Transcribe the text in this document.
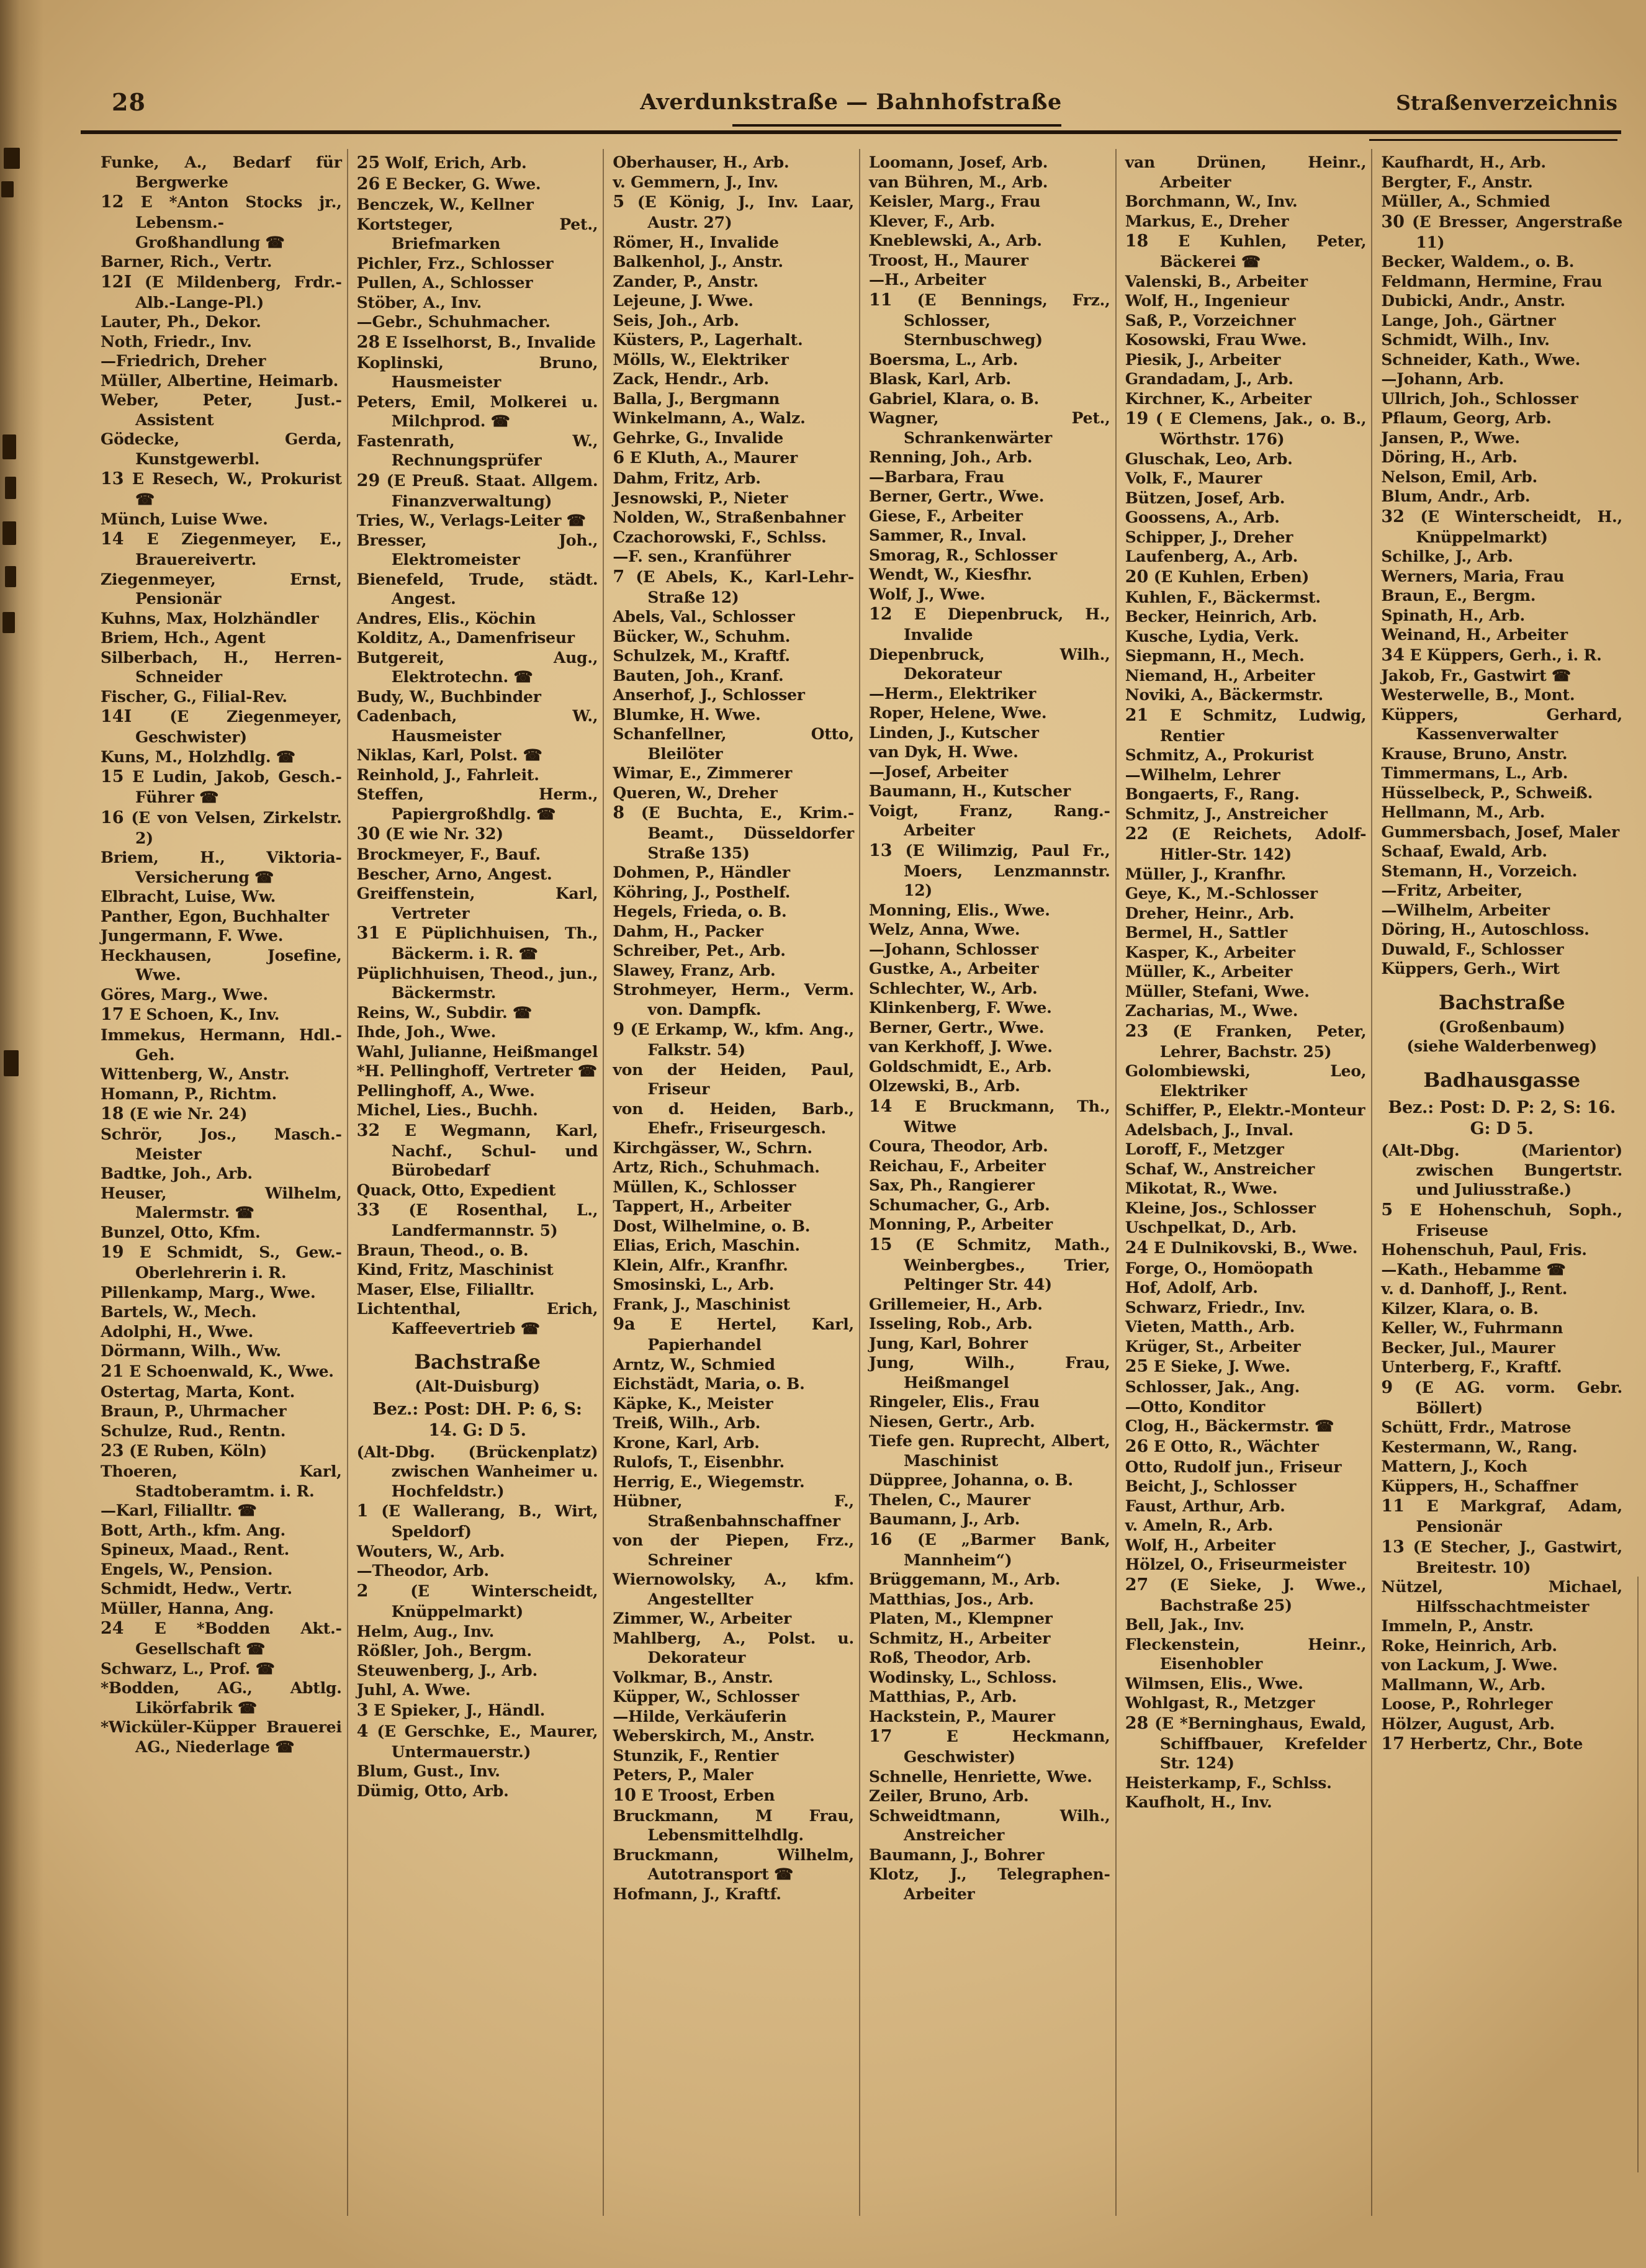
28	Averdunkstraße — Bahnhofstraße	Straßenverzeichnis
Funke, A., Bedarf für Bergwerke
12 E *Anton Stocks jr., Lebensm.-Großhandlung ☎
Barner, Rich., Vertr.
12I (E Mildenberg, Frdr.-Alb.-Lange-Pl.)
Lauter, Ph., Dekor.
Noth, Friedr., Inv.
—Friedrich, Dreher
Müller, Albertine, Heimarb.
Weber, Peter, Just.-Assistent
Gödecke, Gerda, Kunstgewerbl.
13 E Resech, W., Prokurist ☎
Münch, Luise Wwe.
14 E Ziegenmeyer, E., Brauereivertr.
Ziegenmeyer, Ernst, Pensionär
Kuhns, Max, Holzhändler
Briem, Hch., Agent
Silberbach, H., Herren-Schneider
Fischer, G., Filial-Rev.
14I (E Ziegenmeyer, Geschwister)
Kuns, M., Holzhdlg. ☎
15 E Ludin, Jakob, Gesch.-Führer ☎
16 (E von Velsen, Zirkelstr. 2)
Briem, H., Viktoria-Versicherung ☎
Elbracht, Luise, Ww.
Panther, Egon, Buchhalter
Jungermann, F. Wwe.
Heckhausen, Josefine, Wwe.
Göres, Marg., Wwe.
17 E Schoen, K., Inv.
Immekus, Hermann, Hdl.-Geh.
Wittenberg, W., Anstr.
Homann, P., Richtm.
18 (E wie Nr. 24)
Schrör, Jos., Masch.-Meister
Badtke, Joh., Arb.
Heuser, Wilhelm, Malermstr. ☎
Bunzel, Otto, Kfm.
19 E Schmidt, S., Gew.-Oberlehrerin i. R.
Pillenkamp, Marg., Wwe.
Bartels, W., Mech.
Adolphi, H., Wwe.
Dörmann, Wilh., Ww.
21 E Schoenwald, K., Wwe.
Ostertag, Marta, Kont.
Braun, P., Uhrmacher
Schulze, Rud., Rentn.
23 (E Ruben, Köln)
Thoeren, Karl, Stadtoberamtm. i. R.
—Karl, Filialltr. ☎
Bott, Arth., kfm. Ang.
Spineux, Maad., Rent.
Engels, W., Pension.
Schmidt, Hedw., Vertr.
Müller, Hanna, Ang.
24 E *Bodden Akt.-Gesellschaft ☎
Schwarz, L., Prof. ☎
*Bodden, AG., Abtlg. Likörfabrik ☎
*Wicküler-Küpper Brauerei AG., Niederlage ☎
25 Wolf, Erich, Arb.
26 E Becker, G. Wwe.
Benczek, W., Kellner
Kortsteger, Pet., Briefmarken
Pichler, Frz., Schlosser
Pullen, A., Schlosser
Stöber, A., Inv.
—Gebr., Schuhmacher.
28 E Isselhorst, B., Invalide
Koplinski, Bruno, Hausmeister
Peters, Emil, Molkerei u. Milchprod. ☎
Fastenrath, W., Rechnungsprüfer
29 (E Preuß. Staat. Allgem. Finanzverwaltung)
Tries, W., Verlags-Leiter ☎
Bresser, Joh., Elektromeister
Bienefeld, Trude, städt. Angest.
Andres, Elis., Köchin
Kolditz, A., Damenfriseur
Butgereit, Aug., Elektrotechn. ☎
Budy, W., Buchbinder
Cadenbach, W., Hausmeister
Niklas, Karl, Polst. ☎
Reinhold, J., Fahrleit.
Steffen, Herm., Papiergroßhdlg. ☎
30 (E wie Nr. 32)
Brockmeyer, F., Bauf.
Bescher, Arno, Angest.
Greiffenstein, Karl, Vertreter
31 E Püplichhuisen, Th., Bäckerm. i. R. ☎
Püplichhuisen, Theod., jun., Bäckermstr.
Reins, W., Subdir. ☎
Ihde, Joh., Wwe.
Wahl, Julianne, Heißmangel
*H. Pellinghoff, Vertreter ☎
Pellinghoff, A., Wwe.
Michel, Lies., Buchh.
32 E Wegmann, Karl, Nachf., Schul- und Bürobedarf
Quack, Otto, Expedient
33 (E Rosenthal, L., Landfermannstr. 5)
Braun, Theod., o. B.
Kind, Fritz, Maschinist
Maser, Else, Filialltr.
Lichtenthal, Erich, Kaffeevertrieb ☎
Bachstraße
(Alt-Duisburg)
Bez.: Post: DH. P: 6, S: 14. G: D 5.
(Alt-Dbg. (Brückenplatz) zwischen Wanheimer u. Hochfeldstr.)
1 (E Wallerang, B., Wirt, Speldorf)
Wouters, W., Arb.
—Theodor, Arb.
2 (E Winterscheidt, Knüppelmarkt)
Helm, Aug., Inv.
Rößler, Joh., Bergm.
Steuwenberg, J., Arb.
Juhl, A. Wwe.
3 E Spieker, J., Händl.
4 (E Gerschke, E., Maurer, Untermauerstr.)
Blum, Gust., Inv.
Dümig, Otto, Arb.
Oberhauser, H., Arb.
v. Gemmern, J., Inv.
5 (E König, J., Inv. Laar, Austr. 27)
Römer, H., Invalide
Balkenhol, J., Anstr.
Zander, P., Anstr.
Lejeune, J. Wwe.
Seis, Joh., Arb.
Küsters, P., Lagerhalt.
Mölls, W., Elektriker
Zack, Hendr., Arb.
Balla, J., Bergmann
Winkelmann, A., Walz.
Gehrke, G., Invalide
6 E Kluth, A., Maurer
Dahm, Fritz, Arb.
Jesnowski, P., Nieter
Nolden, W., Straßenbahner
Czachorowski, F., Schlss.
—F. sen., Kranführer
7 (E Abels, K., Karl-Lehr-Straße 12)
Abels, Val., Schlosser
Bücker, W., Schuhm.
Schulzek, M., Kraftf.
Bauten, Joh., Kranf.
Anserhof, J., Schlosser
Blumke, H. Wwe.
Schanfellner, Otto, Bleilöter
Wimar, E., Zimmerer
Queren, W., Dreher
8 (E Buchta, E., Krim.-Beamt., Düsseldorfer Straße 135)
Dohmen, P., Händler
Köhring, J., Posthelf.
Hegels, Frieda, o. B.
Dahm, H., Packer
Schreiber, Pet., Arb.
Slawey, Franz, Arb.
Strohmeyer, Herm., Verm. von. Dampfk.
9 (E Erkamp, W., kfm. Ang., Falkstr. 54)
von der Heiden, Paul, Friseur
von d. Heiden, Barb., Ehefr., Friseurgesch.
Kirchgässer, W., Schrn.
Artz, Rich., Schuhmach.
Müllen, K., Schlosser
Tappert, H., Arbeiter
Dost, Wilhelmine, o. B.
Elias, Erich, Maschin.
Klein, Alfr., Kranfhr.
Smosinski, L., Arb.
Frank, J., Maschinist
9a E Hertel, Karl, Papierhandel
Arntz, W., Schmied
Eichstädt, Maria, o. B.
Käpke, K., Meister
Treiß, Wilh., Arb.
Krone, Karl, Arb.
Rulofs, T., Eisenbhr.
Herrig, E., Wiegemstr.
Hübner, F., Straßenbahnschaffner
von der Piepen, Frz., Schreiner
Wiernowolsky, A., kfm. Angestellter
Zimmer, W., Arbeiter
Mahlberg, A., Polst. u. Dekorateur
Volkmar, B., Anstr.
Küpper, W., Schlosser
—Hilde, Verkäuferin
Weberskirch, M., Anstr.
Stunzik, F., Rentier
Peters, P., Maler
10 E Troost, Erben
Bruckmann, M Frau, Lebensmittelhdlg.
Bruckmann, Wilhelm, Autotransport ☎
Hofmann, J., Kraftf.
Loomann, Josef, Arb.
van Bühren, M., Arb.
Keisler, Marg., Frau
Klever, F., Arb.
Kneblewski, A., Arb.
Troost, H., Maurer
—H., Arbeiter
11 (E Bennings, Frz., Schlosser, Sternbuschweg)
Boersma, L., Arb.
Blask, Karl, Arb.
Gabriel, Klara, o. B.
Wagner, Pet., Schrankenwärter
Renning, Joh., Arb.
—Barbara, Frau
Berner, Gertr., Wwe.
Giese, F., Arbeiter
Sammer, R., Inval.
Smorag, R., Schlosser
Wendt, W., Kiesfhr.
Wolf, J., Wwe.
12 E Diepenbruck, H., Invalide
Diepenbruck, Wilh., Dekorateur
—Herm., Elektriker
Roper, Helene, Wwe.
Linden, J., Kutscher
van Dyk, H. Wwe.
—Josef, Arbeiter
Baumann, H., Kutscher
Voigt, Franz, Rang.-Arbeiter
13 (E Wilimzig, Paul Fr., Moers, Lenzmannstr. 12)
Monning, Elis., Wwe.
Welz, Anna, Wwe.
—Johann, Schlosser
Gustke, A., Arbeiter
Schlechter, W., Arb.
Klinkenberg, F. Wwe.
Berner, Gertr., Wwe.
van Kerkhoff, J. Wwe.
Goldschmidt, E., Arb.
Olzewski, B., Arb.
14 E Bruckmann, Th., Witwe
Coura, Theodor, Arb.
Reichau, F., Arbeiter
Sax, Ph., Rangierer
Schumacher, G., Arb.
Monning, P., Arbeiter
15 (E Schmitz, Math., Weinbergbes., Trier, Peltinger Str. 44)
Grillemeier, H., Arb.
Isseling, Rob., Arb.
Jung, Karl, Bohrer
Jung, Wilh., Frau, Heißmangel
Ringeler, Elis., Frau
Niesen, Gertr., Arb.
Tiefe gen. Ruprecht, Albert, Maschinist
Düppree, Johanna, o. B.
Thelen, C., Maurer
Baumann, J., Arb.
16 (E „Barmer Bank, Mannheim“)
Brüggemann, M., Arb.
Matthias, Jos., Arb.
Platen, M., Klempner
Schmitz, H., Arbeiter
Roß, Theodor, Arb.
Wodinsky, L., Schloss.
Matthias, P., Arb.
Hackstein, P., Maurer
17 E Heckmann, Geschwister)
Schnelle, Henriette, Wwe.
Zeiler, Bruno, Arb.
Schweidtmann, Wilh., Anstreicher
Baumann, J., Bohrer
Klotz, J., Telegraphen-Arbeiter
van Drünen, Heinr., Arbeiter
Borchmann, W., Inv.
Markus, E., Dreher
18 E Kuhlen, Peter, Bäckerei ☎
Valenski, B., Arbeiter
Wolf, H., Ingenieur
Saß, P., Vorzeichner
Kosowski, Frau Wwe.
Piesik, J., Arbeiter
Grandadam, J., Arb.
Kirchner, K., Arbeiter
19 ( E Clemens, Jak., o. B., Wörthstr. 176)
Gluschak, Leo, Arb.
Volk, F., Maurer
Bützen, Josef, Arb.
Goossens, A., Arb.
Schipper, J., Dreher
Laufenberg, A., Arb.
20 (E Kuhlen, Erben)
Kuhlen, F., Bäckermst.
Becker, Heinrich, Arb.
Kusche, Lydia, Verk.
Siepmann, H., Mech.
Niemand, H., Arbeiter
Noviki, A., Bäckermstr.
21 E Schmitz, Ludwig, Rentier
Schmitz, A., Prokurist
—Wilhelm, Lehrer
Bongaerts, F., Rang.
Schmitz, J., Anstreicher
22 (E Reichets, Adolf-Hitler-Str. 142)
Müller, J., Kranfhr.
Geye, K., M.-Schlosser
Dreher, Heinr., Arb.
Bermel, H., Sattler
Kasper, K., Arbeiter
Müller, K., Arbeiter
Müller, Stefani, Wwe.
Zacharias, M., Wwe.
23 (E Franken, Peter, Lehrer, Bachstr. 25)
Golombiewski, Leo, Elektriker
Schiffer, P., Elektr.-Monteur
Adelsbach, J., Inval.
Loroff, F., Metzger
Schaf, W., Anstreicher
Mikotat, R., Wwe.
Kleine, Jos., Schlosser
Uschpelkat, D., Arb.
24 E Dulnikovski, B., Wwe.
Forge, O., Homöopath
Hof, Adolf, Arb.
Schwarz, Friedr., Inv.
Vieten, Matth., Arb.
Krüger, St., Arbeiter
25 E Sieke, J. Wwe.
Schlosser, Jak., Ang.
—Otto, Konditor
Clog, H., Bäckermstr. ☎
26 E Otto, R., Wächter
Otto, Rudolf jun., Friseur
Beicht, J., Schlosser
Faust, Arthur, Arb.
v. Ameln, R., Arb.
Wolf, H., Arbeiter
Hölzel, O., Friseurmeister
27 (E Sieke, J. Wwe., Bachstraße 25)
Bell, Jak., Inv.
Fleckenstein, Heinr., Eisenhobler
Wilmsen, Elis., Wwe.
Wohlgast, R., Metzger
28 (E *Berninghaus, Ewald, Schiffbauer, Krefelder Str. 124)
Heisterkamp, F., Schlss.
Kaufholt, H., Inv.
Kaufhardt, H., Arb.
Bergter, F., Anstr.
Müller, A., Schmied
30 (E Bresser, Angerstraße 11)
Becker, Waldem., o. B.
Feldmann, Hermine, Frau
Dubicki, Andr., Anstr.
Lange, Joh., Gärtner
Schmidt, Wilh., Inv.
Schneider, Kath., Wwe.
—Johann, Arb.
Ullrich, Joh., Schlosser
Pflaum, Georg, Arb.
Jansen, P., Wwe.
Döring, H., Arb.
Nelson, Emil, Arb.
Blum, Andr., Arb.
32 (E Winterscheidt, H., Knüppelmarkt)
Schilke, J., Arb.
Werners, Maria, Frau
Braun, E., Bergm.
Spinath, H., Arb.
Weinand, H., Arbeiter
34 E Küppers, Gerh., i. R.
Jakob, Fr., Gastwirt ☎
Westerwelle, B., Mont.
Küppers, Gerhard, Kassenverwalter
Krause, Bruno, Anstr.
Timmermans, L., Arb.
Hüsselbeck, P., Schweiß.
Hellmann, M., Arb.
Gummersbach, Josef, Maler
Schaaf, Ewald, Arb.
Stemann, H., Vorzeich.
—Fritz, Arbeiter,
—Wilhelm, Arbeiter
Döring, H., Autoschloss.
Duwald, F., Schlosser
Küppers, Gerh., Wirt
Bachstraße
(Großenbaum)
(siehe Walderbenweg)
Badhausgasse
Bez.: Post: D. P: 2, S: 16. G: D 5.
(Alt-Dbg. (Marientor) zwischen Bungertstr. und Juliusstraße.)
5 E Hohenschuh, Soph., Friseuse
Hohenschuh, Paul, Fris.
—Kath., Hebamme ☎
v. d. Danhoff, J., Rent.
Kilzer, Klara, o. B.
Keller, W., Fuhrmann
Becker, Jul., Maurer
Unterberg, F., Kraftf.
9 (E AG. vorm. Gebr. Böllert)
Schütt, Frdr., Matrose
Kestermann, W., Rang.
Mattern, J., Koch
Küppers, H., Schaffner
11 E Markgraf, Adam, Pensionär
13 (E Stecher, J., Gastwirt, Breitestr. 10)
Nützel, Michael, Hilfsschachtmeister
Immeln, P., Anstr.
Roke, Heinrich, Arb.
von Lackum, J. Wwe.
Mallmann, W., Arb.
Loose, P., Rohrleger
Hölzer, August, Arb.
17 Herbertz, Chr., Bote
